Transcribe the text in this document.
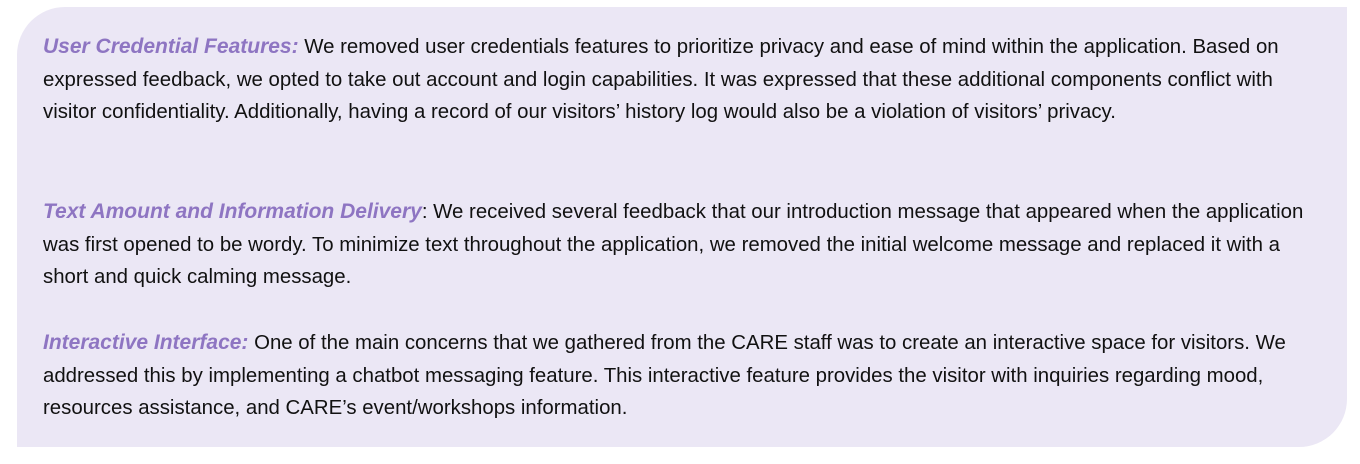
User Credential Features: We removed user credentials features to prioritize privacy and ease of mind within the application. Based on expressed feedback, we opted to take out account and login capabilities. It was expressed that these additional components conflict with visitor confidentiality. Additionally, having a record of our visitors’ history log would also be a violation of visitors’ privacy.

Text Amount and Information Delivery: We received several feedback that our introduction message that appeared when the application was first opened to be wordy. To minimize text throughout the application, we removed the initial welcome message and replaced it with a short and quick calming message.

Interactive Interface: One of the main concerns that we gathered from the CARE staff was to create an interactive space for visitors. We addressed this by implementing a chatbot messaging feature. This interactive feature provides the visitor with inquiries regarding mood, resources assistance, and CARE’s event/workshops information.
